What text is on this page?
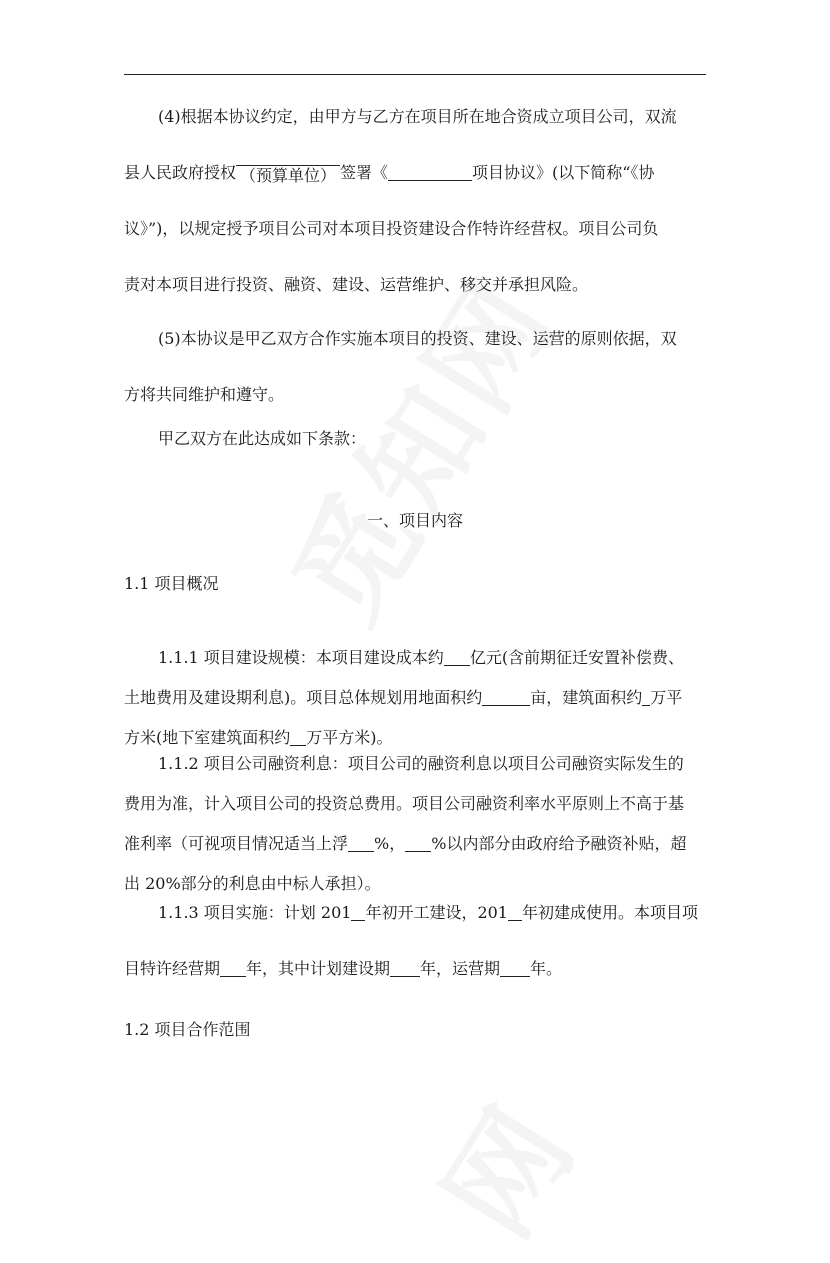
(4)根据本协议约定，由甲方与乙方在项目所在地合资成立项目公司，双流
县人民政府授权 （预算单位） 签署《	项目协议》(以下简称“《协
议》”)，以规定授予项目公司对本项目投资建设合作特许经营权。项目公司负
责对本项目进行投资、融资、建设、运营维护、移交并承担风险。
(5)本协议是甲乙双方合作实施本项目的投资、建设、运营的原则依据，双
方将共同维护和遵守。
甲乙双方在此达成如下条款：
一、项目内容
1.1 项目概况
1.1.1 项目建设规模：本项目建设成本约 亿元(含前期征迁安置补偿费、
土地费用及建设期利息)。项目总体规划用地面积约	亩，建筑面积约 万平
方米(地下室建筑面积约 万平方米)。
1.1.2 项目公司融资利息：项目公司的融资利息以项目公司融资实际发生的
费用为准，计入项目公司的投资总费用。项目公司融资利率水平原则上不高于基
准利率（可视项目情况适当上浮 %， %以内部分由政府给予融资补贴，超
出 20%部分的利息由中标人承担）。
1.1.3 项目实施：计划 201 年初开工建设，201 年初建成使用。本项目项
目特许经营期 年，其中计划建设期 年，运营期 年。
1.2 项目合作范围
